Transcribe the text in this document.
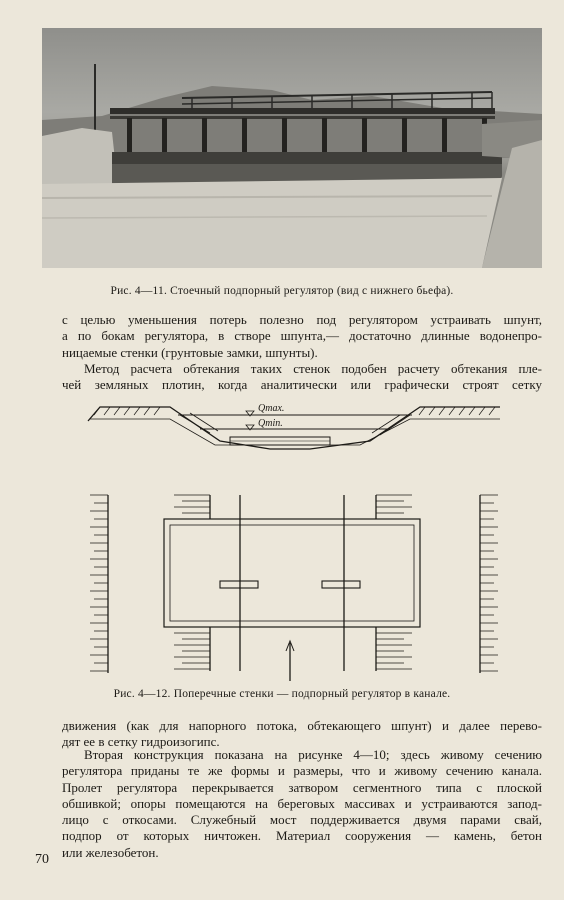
Рис. 4—11. Стоечный подпорный регулятор (вид с нижнего бьефа).
с целью уменьшения потерь полезно под регулятором устраивать шпунт,
а по бокам регулятора, в створе шпунта,— достаточно длинные водонепро-
ницаемые стенки (грунтовые замки, шпунты).
Метод расчета обтекания таких стенок подобен расчету обтекания пле-
чей земляных плотин, когда аналитически или графически строят сетку
Qmax.
Qmin.
Рис. 4—12. Поперечные стенки — подпорный регулятор в канале.
движения (как для напорного потока, обтекающего шпунт) и далее перево-
дят ее в сетку гидроизогипс.
Вторая конструкция показана на рисунке 4—10; здесь живому сечению
регулятора приданы те же формы и размеры, что и живому сечению канала.
Пролет регулятора перекрывается затвором сегментного типа с плоской
обшивкой; опоры помещаются на береговых массивах и устраиваются запод-
лицо с откосами. Служебный мост поддерживается двумя парами свай,
подпор от которых ничтожен. Материал сооружения — камень, бетон
или железобетон.
70
